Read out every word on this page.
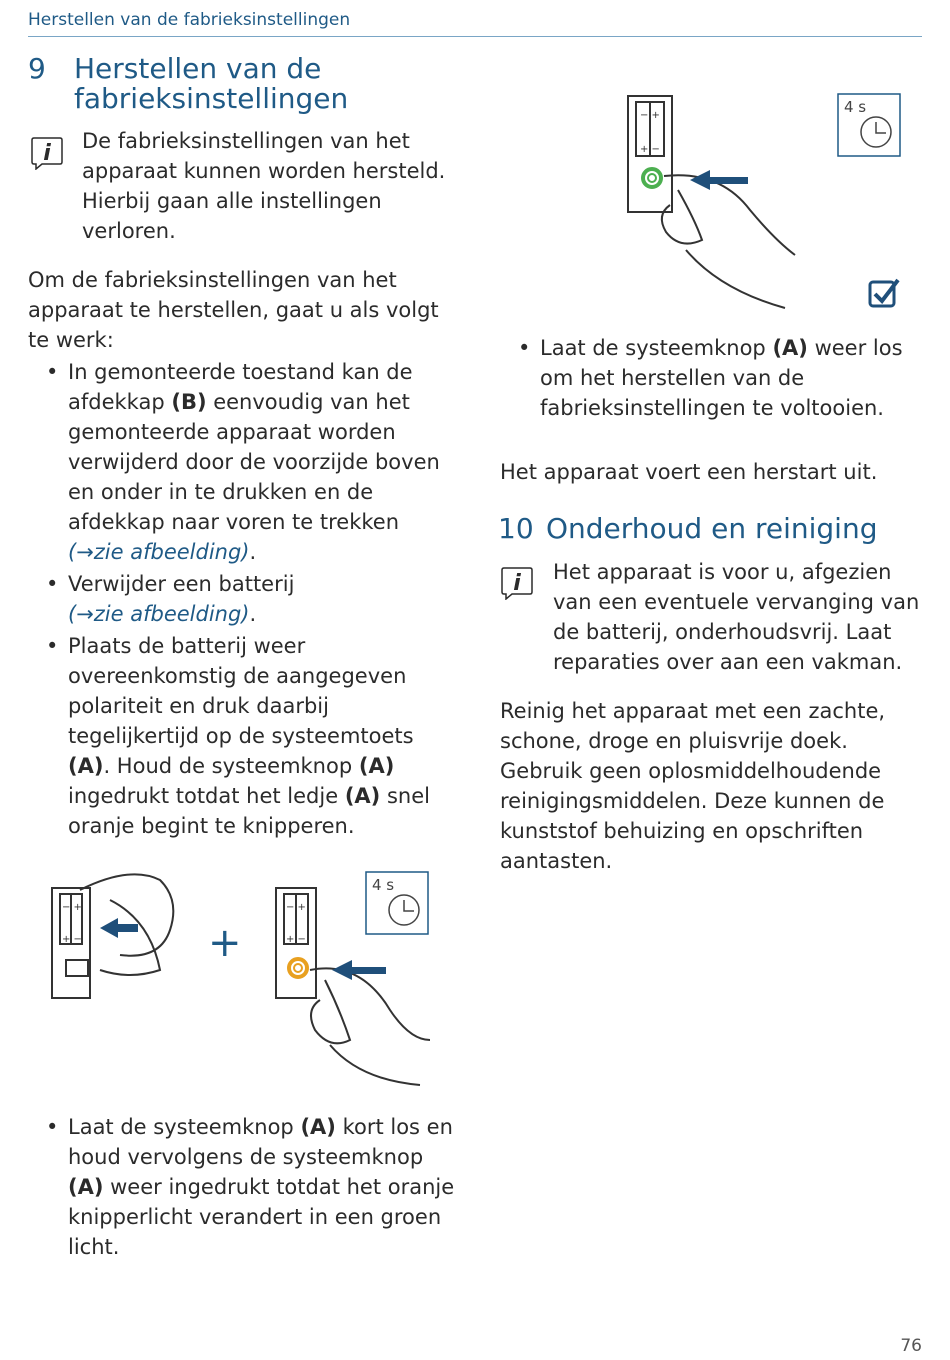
Herstellen van de fabrieksinstellingen
9 Herstellen van de
fabrieksinstellingen
i De fabrieksinstellingen van het apparaat kunnen worden hersteld. Hierbij gaan alle instellingen verloren.
Om de fabrieksinstellingen van het apparaat te herstellen, gaat u als volgt te werk:
• In gemonteerde toestand kan de afdekkap (B) eenvoudig van het gemonteerde apparaat worden verwijderd door de voorzijde boven en onder in te drukken en de afdekkap naar voren te trekken
(→zie afbeelding).
• Verwijder een batterij
(→zie afbeelding).
• Plaats de batterij weer overeenkomstig de aangegeven polariteit en druk daarbij tegelijkertijd op de systeemtoets (A). Houd de systeemknop (A) ingedrukt totdat het ledje (A) snel oranje begint te knipperen.
− +
+ −	+
− +
+ −
4 s
• Laat de systeemknop (A) kort los en houd vervolgens de systeemknop (A) weer ingedrukt totdat het oranje knipperlicht verandert in een groen licht.
− +
+ −
4 s
• Laat de systeemknop (A) weer los om het herstellen van de fabrieksinstellingen te voltooien.
Het apparaat voert een herstart uit.
10 Onderhoud en reiniging
i Het apparaat is voor u, afgezien van een eventuele vervanging van de batterij, onderhoudsvrij. Laat reparaties over aan een vakman.
Reinig het apparaat met een zachte, schone, droge en pluisvrije doek. Gebruik geen oplosmiddelhoudende reinigingsmiddelen. Deze kunnen de kunststof behuizing en opschriften aantasten.
76
